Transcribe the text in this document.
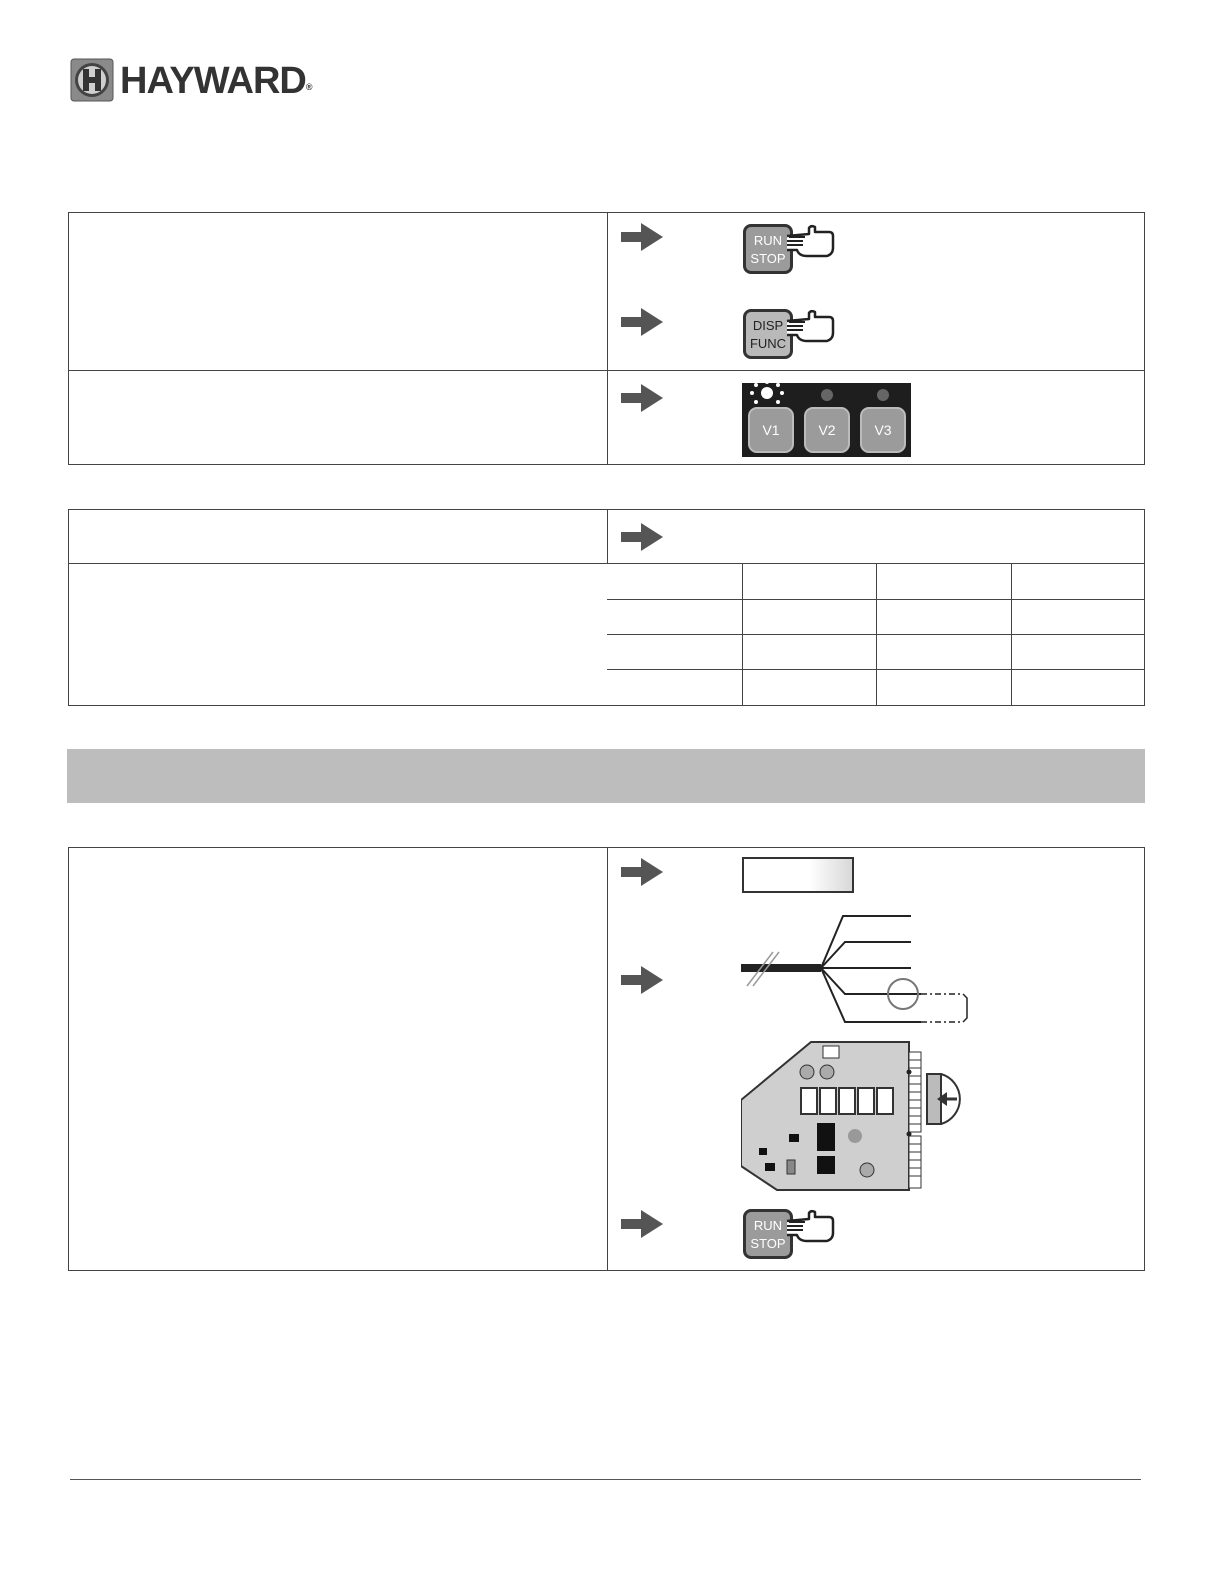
HAYWARD®
RUN
STOP
DISP
FUNC
V1	V2	V3
RUN
STOP
